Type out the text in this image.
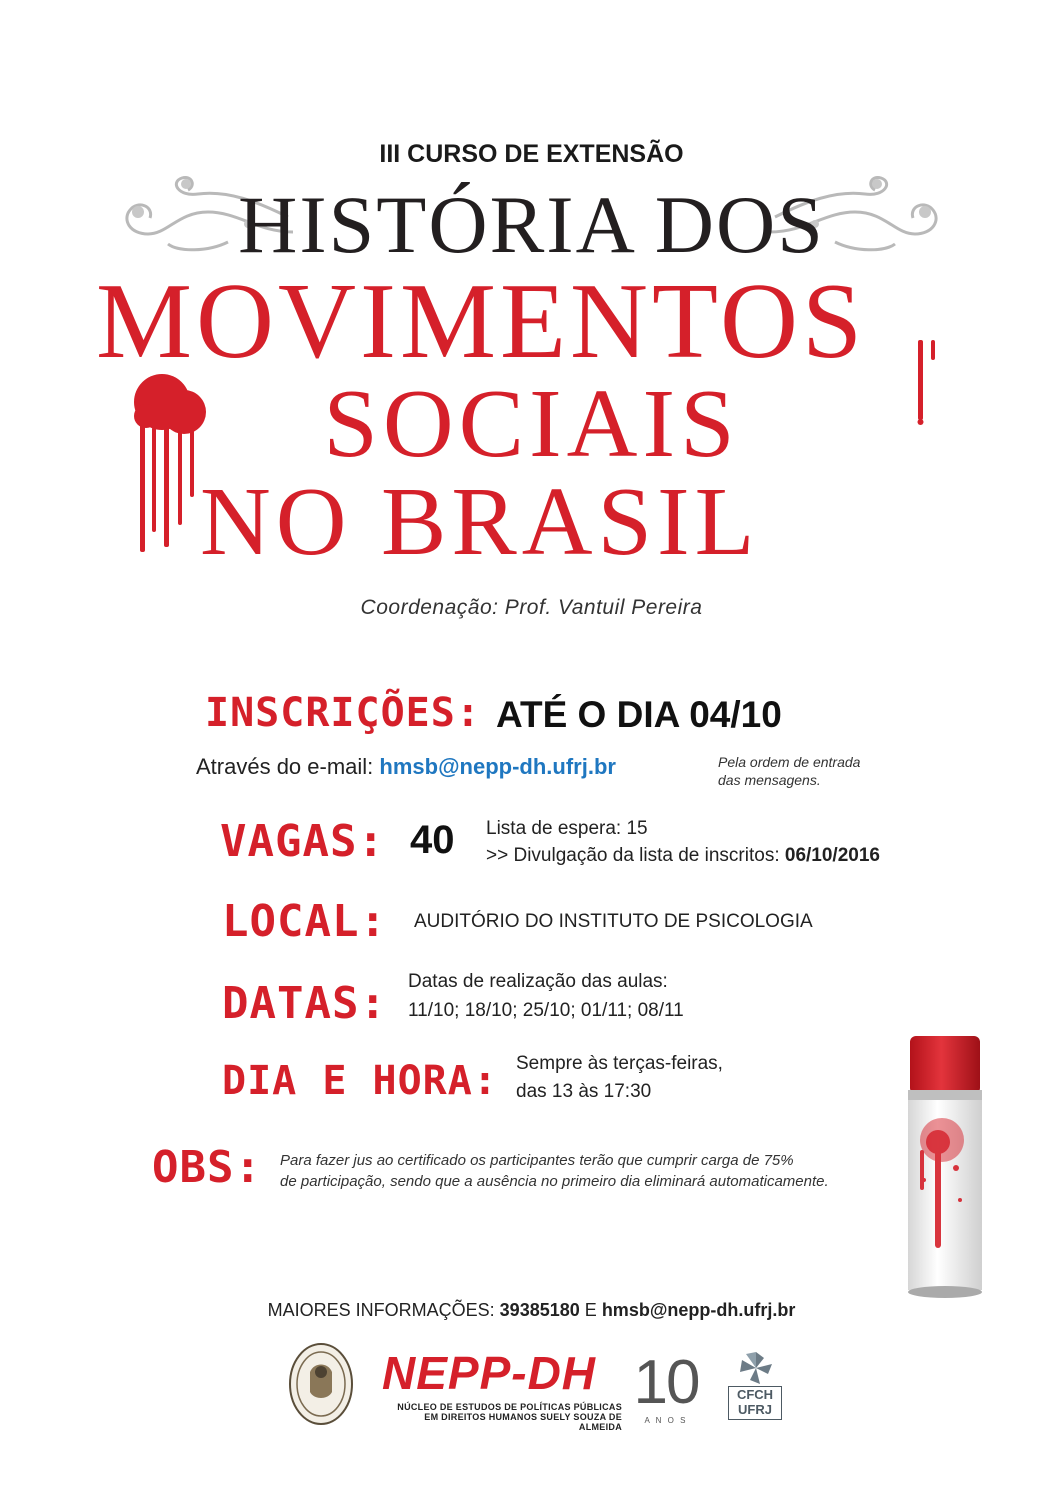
III CURSO DE EXTENSÃO
HISTÓRIA DOS
MOVIMENTOS
SOCIAIS
NO BRASIL
Coordenação: Prof. Vantuil Pereira
INSCRIÇÕES: ATÉ O DIA 04/10
Através do e-mail: hmsb@nepp-dh.ufrj.br	Pela ordem de entrada
das mensagens.
VAGAS: 40 Lista de espera: 15
>> Divulgação da lista de inscritos: 06/10/2016
LOCAL: AUDITÓRIO DO INSTITUTO DE PSICOLOGIA
DATAS: Datas de realização das aulas:
11/10; 18/10; 25/10; 01/11; 08/11
DIA E HORA: Sempre às terças-feiras,
das 13 às 17:30
OBS: Para fazer jus ao certificado os participantes terão que cumprir carga de 75%
de participação, sendo que a ausência no primeiro dia eliminará automaticamente.
MAIORES INFORMAÇÕES: 39385180 E hmsb@nepp-dh.ufrj.br
NEPP-DH
NÚCLEO DE ESTUDOS DE POLÍTICAS PÚBLICAS
EM DIREITOS HUMANOS SUELY SOUZA DE ALMEIDA
10
A N O S
CFCH
UFRJ
